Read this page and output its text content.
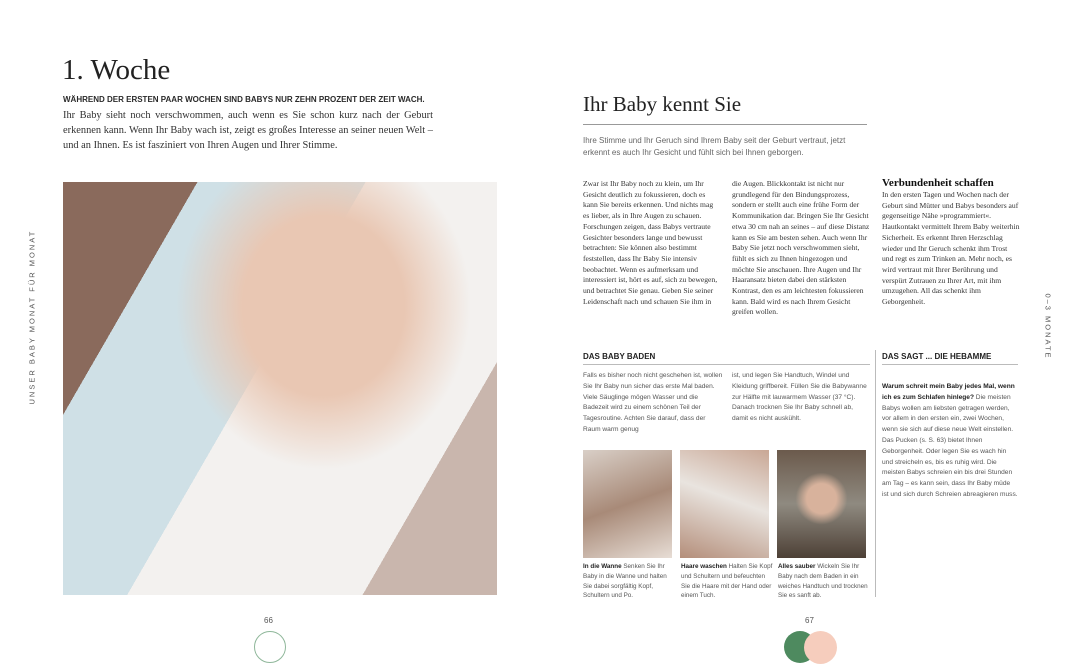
1. Woche
WÄHREND DER ERSTEN PAAR WOCHEN SIND BABYS NUR ZEHN PROZENT DER ZEIT WACH.
Ihr Baby sieht noch verschwommen, auch wenn es Sie schon kurz nach der Geburt erkennen kann. Wenn Ihr Baby wach ist, zeigt es großes Interesse an seiner neuen Welt – und an Ihnen. Es ist fasziniert von Ihren Augen und Ihrer Stimme.
UNSER BABY MONAT FÜR MONAT
66
Ihr Baby kennt Sie
Ihre Stimme und Ihr Geruch sind Ihrem Baby seit der Geburt vertraut, jetzt erkennt es auch Ihr Gesicht und fühlt sich bei Ihnen geborgen.
Zwar ist Ihr Baby noch zu klein, um Ihr Gesicht deutlich zu fokussieren, doch es kann Sie bereits erkennen. Und nichts mag es lieber, als in Ihre Augen zu schauen. Forschungen zeigen, dass Babys vertraute Gesichter besonders lange und bewusst betrachten: Sie können also bestimmt feststellen, dass Ihr Baby Sie intensiv beobachtet. Wenn es aufmerksam und interessiert ist, hört es auf, sich zu bewegen, und betrachtet Sie genau. Geben Sie seiner Leidenschaft nach und schauen Sie ihm in
die Augen. Blickkontakt ist nicht nur grundlegend für den Bindungsprozess, sondern er stellt auch eine frühe Form der Kommunikation dar. Bringen Sie Ihr Gesicht etwa 30 cm nah an seines – auf diese Distanz kann es Sie am besten sehen. Auch wenn Ihr Baby Sie jetzt noch verschwommen sieht, fühlt es sich zu Ihnen hingezogen und möchte Sie anschauen. Ihre Augen und Ihr Haaransatz bieten dabei den stärksten Kontrast, den es am leichtesten fokussieren kann. Bald wird es nach Ihrem Gesicht greifen wollen.
Verbundenheit schaffen
In den ersten Tagen und Wochen nach der Geburt sind Mütter und Babys besonders auf gegenseitige Nähe »programmiert«. Hautkontakt vermittelt Ihrem Baby weiterhin Sicherheit. Es erkennt Ihren Herzschlag wieder und Ihr Geruch schenkt ihm Trost und regt es zum Trinken an. Mehr noch, es wird vertraut mit Ihrer Berührung und verspürt Zutrauen zu Ihrer Art, mit ihm umzugehen. All das schenkt ihm Geborgenheit.
DAS BABY BADEN
Falls es bisher noch nicht geschehen ist, wollen Sie Ihr Baby nun sicher das erste Mal baden. Viele Säuglinge mögen Wasser und die Badezeit wird zu einem schönen Teil der Tagesroutine. Achten Sie darauf, dass der Raum warm genug
ist, und legen Sie Handtuch, Windel und Kleidung griffbereit. Füllen Sie die Babywanne zur Hälfte mit lauwarmem Wasser (37 °C). Danach trocknen Sie Ihr Baby schnell ab, damit es nicht auskühlt.
In die Wanne Senken Sie Ihr Baby in die Wanne und halten Sie dabei sorgfältig Kopf, Schultern und Po.
Haare waschen Halten Sie Kopf und Schultern und befeuchten Sie die Haare mit der Hand oder einem Tuch.
Alles sauber Wickeln Sie Ihr Baby nach dem Baden in ein weiches Handtuch und trocknen Sie es sanft ab.
DAS SAGT ... DIE HEBAMME
Warum schreit mein Baby jedes Mal, wenn ich es zum Schlafen hinlege? Die meisten Babys wollen am liebsten getragen werden, vor allem in den ersten ein, zwei Wochen, wenn sie sich auf diese neue Welt einstellen. Das Pucken (s. S. 63) bietet Ihnen Geborgenheit. Oder legen Sie es wach hin und streicheln es, bis es ruhig wird. Die meisten Babys schreien ein bis drei Stunden am Tag – es kann sein, dass Ihr Baby müde ist und sich durch Schreien abreagieren muss.
0–3 MONATE
67
